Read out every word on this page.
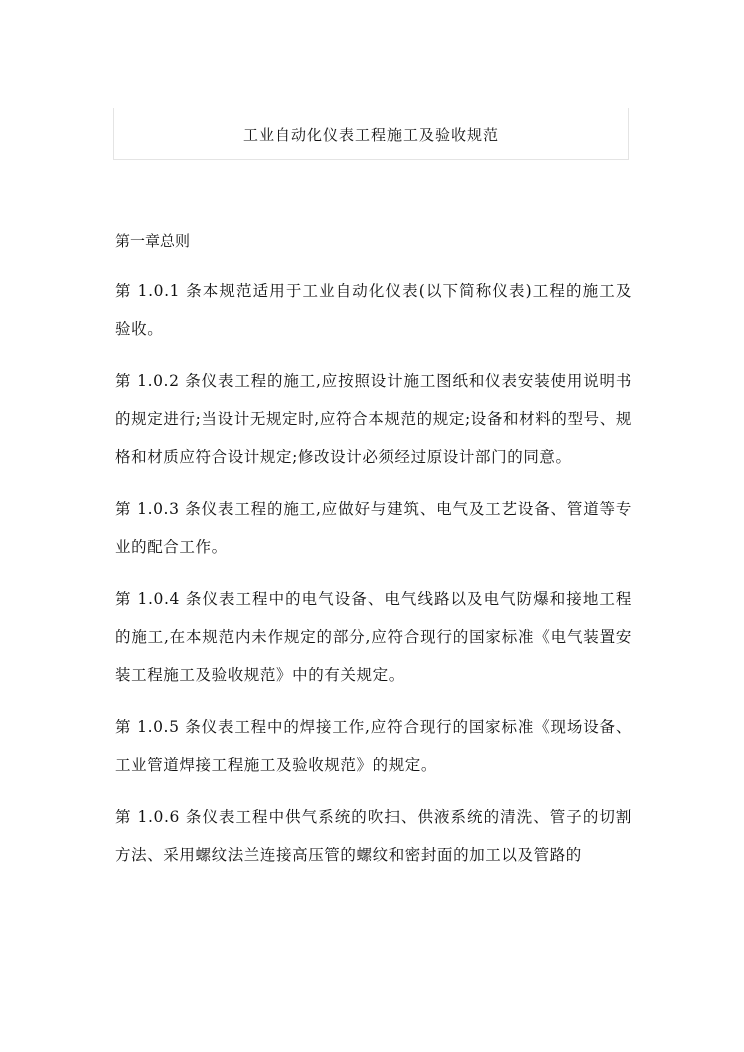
工业自动化仪表工程施工及验收规范
第一章总则

第 1.0.1 条本规范适用于工业自动化仪表(以下简称仪表)工程的施工及验收。

第 1.0.2 条仪表工程的施工,应按照设计施工图纸和仪表安装使用说明书的规定进行;当设计无规定时,应符合本规范的规定;设备和材料的型号、规格和材质应符合设计规定;修改设计必须经过原设计部门的同意。

第 1.0.3 条仪表工程的施工,应做好与建筑、电气及工艺设备、管道等专业的配合工作。

第 1.0.4 条仪表工程中的电气设备、电气线路以及电气防爆和接地工程的施工,在本规范内未作规定的部分,应符合现行的国家标准《电气装置安装工程施工及验收规范》中的有关规定。

第 1.0.5 条仪表工程中的焊接工作,应符合现行的国家标准《现场设备、工业管道焊接工程施工及验收规范》的规定。

第 1.0.6 条仪表工程中供气系统的吹扫、供液系统的清洗、管子的切割方法、采用螺纹法兰连接高压管的螺纹和密封面的加工以及管路的
